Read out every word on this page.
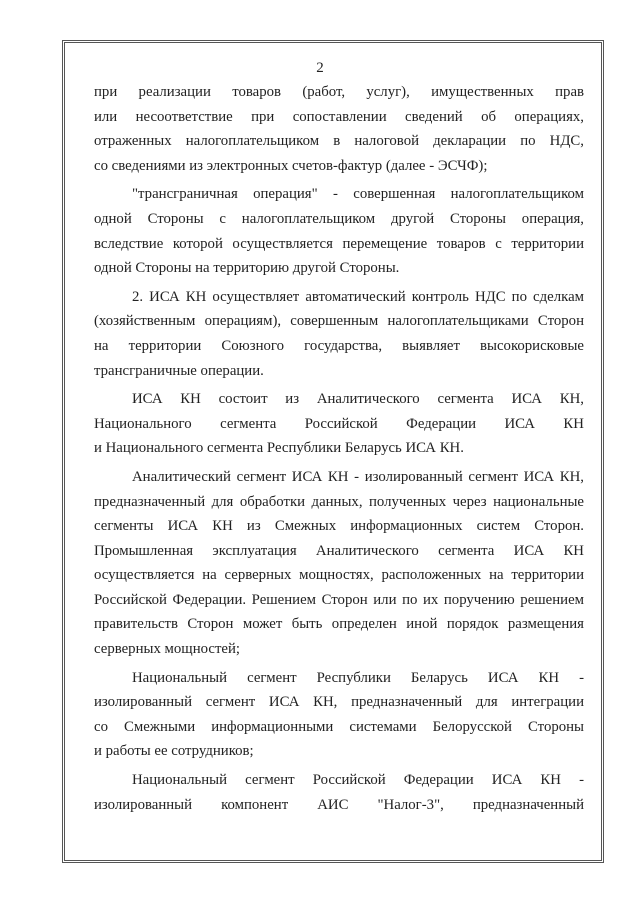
2
при реализации товаров (работ, услуг), имущественных прав
или несоответствие при сопоставлении сведений об операциях,
отраженных налогоплательщиком в налоговой декларации по НДС,
со сведениями из электронных счетов-фактур (далее - ЭСЧФ);
"трансграничная операция" - совершенная налогоплательщиком
одной Стороны с налогоплательщиком другой Стороны операция,
вследствие которой осуществляется перемещение товаров с территории
одной Стороны на территорию другой Стороны.
2. ИСА КН осуществляет автоматический контроль НДС по сделкам
(хозяйственным операциям), совершенным налогоплательщиками Сторон
на территории Союзного государства, выявляет высокорисковые
трансграничные операции.
ИСА КН состоит из Аналитического сегмента ИСА КН,
Национального сегмента Российской Федерации ИСА КН
и Национального сегмента Республики Беларусь ИСА КН.
Аналитический сегмент ИСА КН - изолированный сегмент ИСА КН,
предназначенный для обработки данных, полученных через национальные
сегменты ИСА КН из Смежных информационных систем Сторон.
Промышленная эксплуатация Аналитического сегмента ИСА КН
осуществляется на серверных мощностях, расположенных на территории
Российской Федерации. Решением Сторон или по их поручению решением
правительств Сторон может быть определен иной порядок размещения
серверных мощностей;
Национальный сегмент Республики Беларусь ИСА КН -
изолированный сегмент ИСА КН, предназначенный для интеграции
со Смежными информационными системами Белорусской Стороны
и работы ее сотрудников;
Национальный сегмент Российской Федерации ИСА КН -
изолированный компонент АИС "Налог-3", предназначенный
